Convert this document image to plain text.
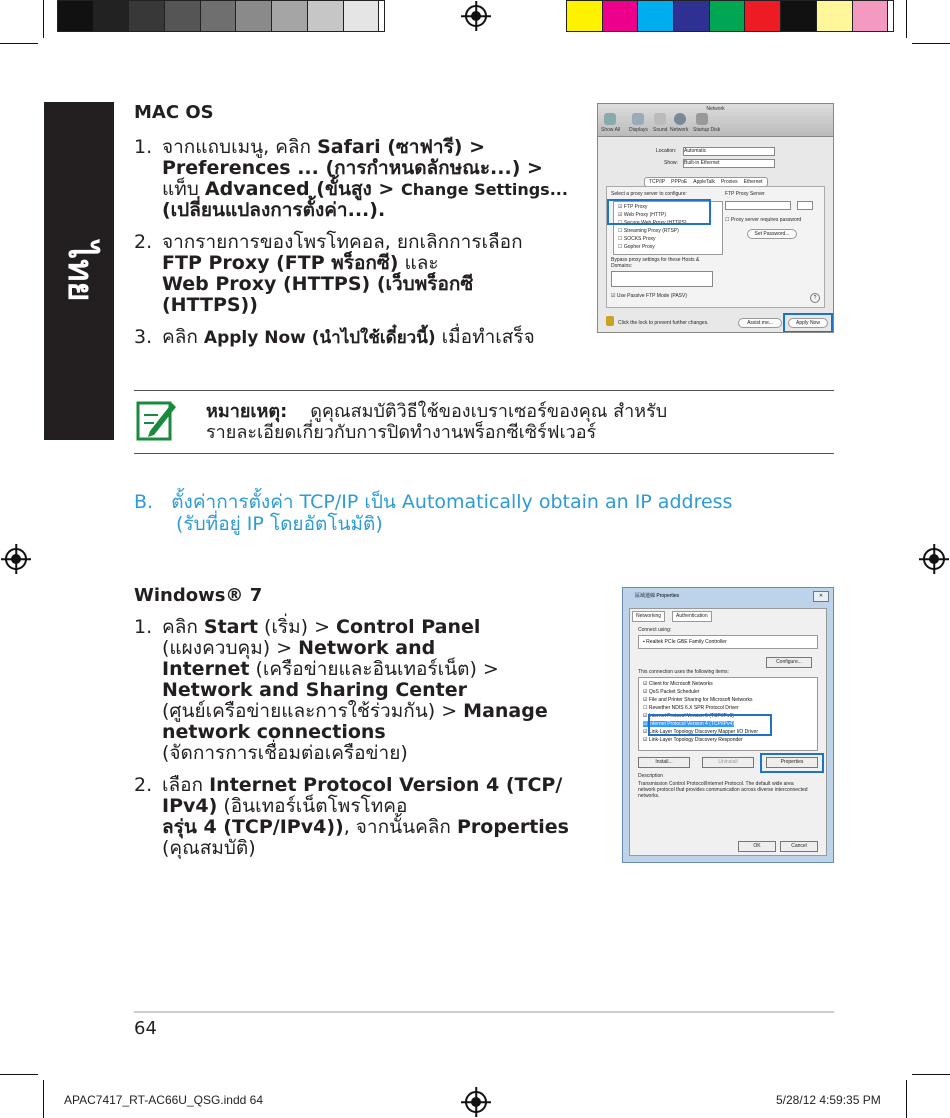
ไทย
MAC OS
1. จากแถบเมนู, คลิก Safari (ซาฟารี) >
Preferences ... (การกำหนดลักษณะ...) >
แท็บ Advanced (ขั้นสูง > Change Settings...
(เปลี่ยนแปลงการตั้งค่า...).
2. จากรายการของโพรโทคอล, ยกเลิกการเลือก
FTP Proxy (FTP พร็อกซี) และ
Web Proxy (HTTPS) (เว็บพร็อกซี
(HTTPS))
3. คลิก Apply Now (นำไปใช้เดี๋ยวนี้) เมื่อทำเสร็จ
Network
Show All Displays Sound Network Startup Disk
Location: Automatic
Show: Built-in Ethernet
TCP/IP PPPoE AppleTalk Proxies Ethernet
Select a proxy server to configure:	FTP Proxy Server
☑ FTP Proxy
☑ Web Proxy (HTTP)
☐ Secure Web Proxy (HTTPS)
☐ Streaming Proxy (RTSP)
☐ SOCKS Proxy
☐ Gopher Proxy
☐ Proxy server requires password
Set Password...
Bypass proxy settings for these Hosts & Domains:
☑ Use Passive FTP Mode (PASV)	?
Click the lock to prevent further changes.	Assist me...	Apply Now
หมายเหตุ: ดูคุณสมบัติวิธีใช้ของเบราเซอร์ของคุณ สำหรับ
รายละเอียดเกี่ยวกับการปิดทำงานพร็อกซีเซิร์ฟเวอร์
B. ตั้งค่าการตั้งค่า TCP/IP เป็น Automatically obtain an IP address
(รับที่อยู่ IP โดยอัตโนมัติ)
Windows® 7
1. คลิก Start (เริ่ม) > Control Panel
(แผงควบคุม) > Network and
Internet (เครือข่ายและอินเทอร์เน็ต) >
Network and Sharing Center
(ศูนย์เครือข่ายและการใช้ร่วมกัน) > Manage
network connections
(จัดการการเชื่อมต่อเครือข่าย)
2. เลือก Internet Protocol Version 4 (TCP/
IPv4) (อินเทอร์เน็ตโพรโทคอ
ลรุ่น 4 (TCP/IPv4)), จากนั้นคลิก Properties
(คุณสมบัติ)
區域連線 Properties	✕
Networking	Authentication
Connect using:
▪ Realtek PCIe GBE Family Controller
Configure...
This connection uses the following items:
☑ Client for Microsoft Networks
☑ QoS Packet Scheduler
☑ File and Printer Sharing for Microsoft Networks
☐ Rewether NDIS 6.X SPR Protocol Driver
☑ Internet Protocol Version 6 (TCP/IPv6)
☑ Internet Protocol Version 4 (TCP/IPv4)
☑ Link-Layer Topology Discovery Mapper I/O Driver
☑ Link-Layer Topology Discovery Responder
Install...	Uninstall	Properties
Description
Transmission Control Protocol/Internet Protocol. The default wide area network protocol that provides communication across diverse interconnected networks.
OK	Cancel
64
APAC7417_RT-AC66U_QSG.indd 64	5/28/12 4:59:35 PM
